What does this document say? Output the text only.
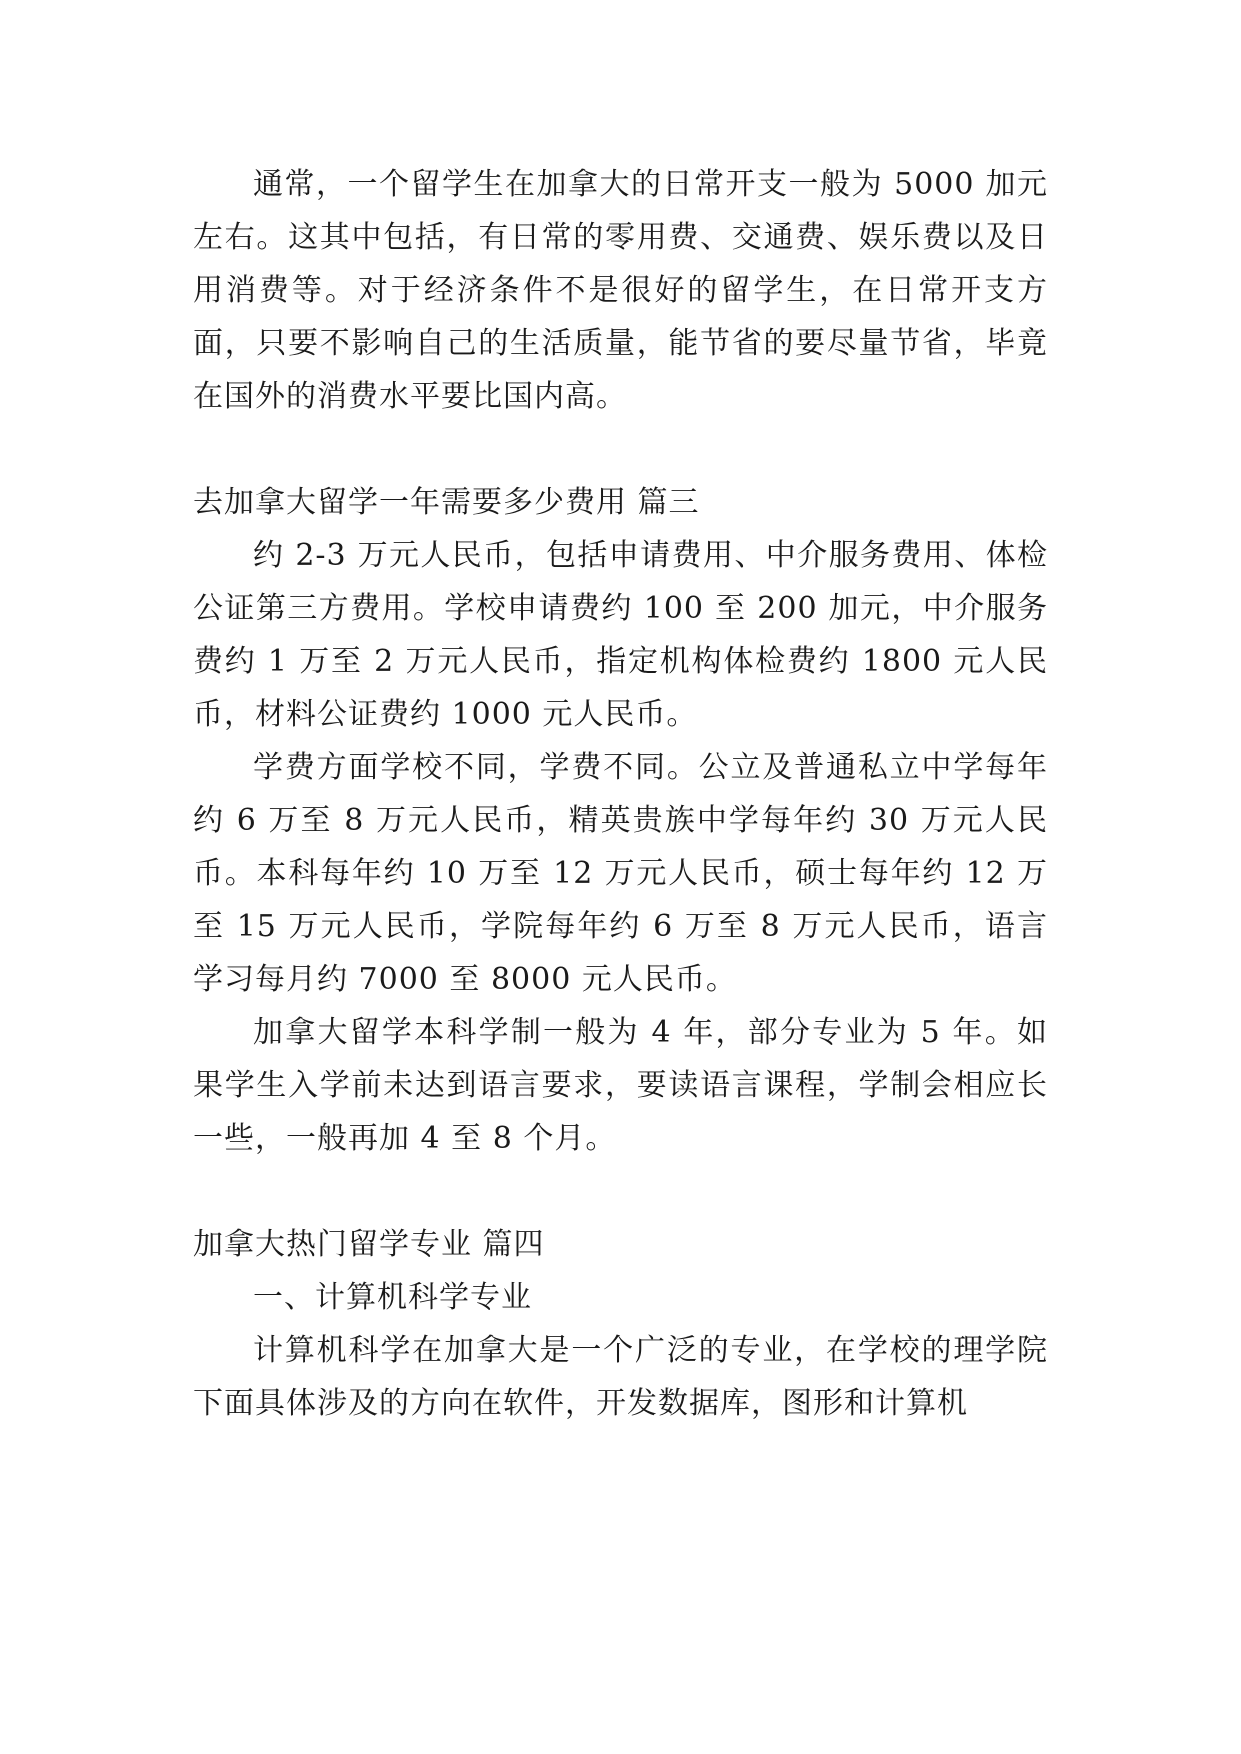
通常，一个留学生在加拿大的日常开支一般为 5000 加元左右。这其中包括，有日常的零用费、交通费、娱乐费以及日用消费等。对于经济条件不是很好的留学生，在日常开支方面，只要不影响自己的生活质量，能节省的要尽量节省，毕竟在国外的消费水平要比国内高。

去加拿大留学一年需要多少费用 篇三

约 2-3 万元人民币，包括申请费用、中介服务费用、体检公证第三方费用。学校申请费约 100 至 200 加元，中介服务费约 1 万至 2 万元人民币，指定机构体检费约 1800 元人民币，材料公证费约 1000 元人民币。

学费方面学校不同，学费不同。公立及普通私立中学每年约 6 万至 8 万元人民币，精英贵族中学每年约 30 万元人民币。本科每年约 10 万至 12 万元人民币，硕士每年约 12 万至 15 万元人民币，学院每年约 6 万至 8 万元人民币，语言学习每月约 7000 至 8000 元人民币。

加拿大留学本科学制一般为 4 年，部分专业为 5 年。如果学生入学前未达到语言要求，要读语言课程，学制会相应长一些，一般再加 4 至 8 个月。

加拿大热门留学专业 篇四

一、计算机科学专业

计算机科学在加拿大是一个广泛的专业，在学校的理学院下面具体涉及的方向在软件，开发数据库，图形和计算机
